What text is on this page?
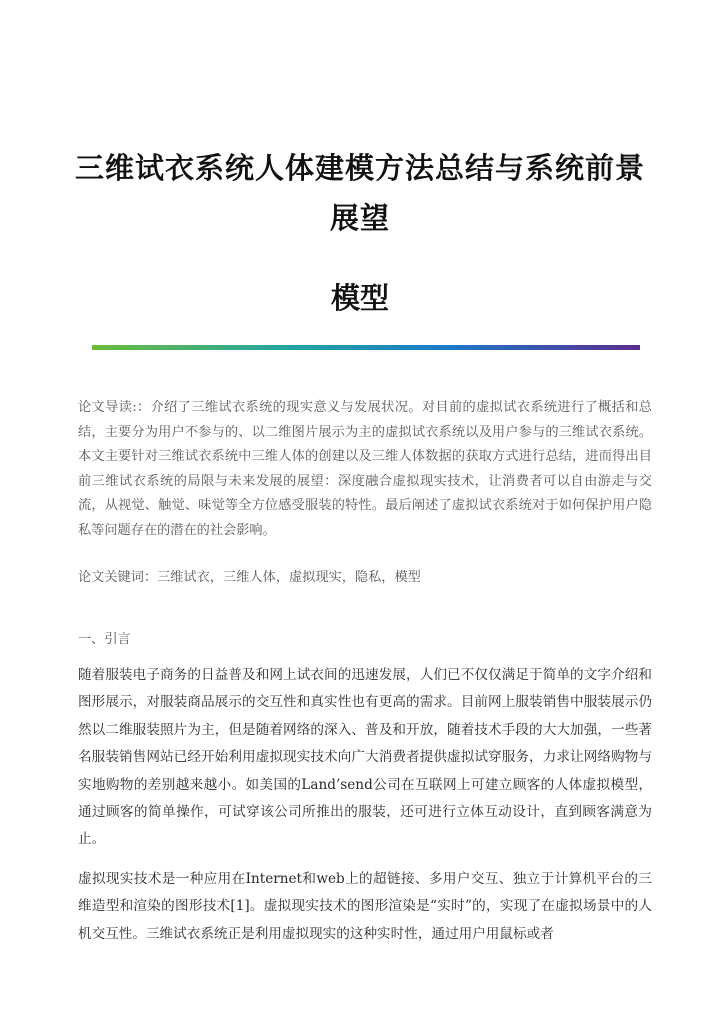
三维试衣系统人体建模方法总结与系统前景
展望
模型

论文导读:：介绍了三维试衣系统的现实意义与发展状况。对目前的虚拟试衣系统进行了概括和总结，主要分为用户不参与的、以二维图片展示为主的虚拟试衣系统以及用户参与的三维试衣系统。本文主要针对三维试衣系统中三维人体的创建以及三维人体数据的获取方式进行总结，进而得出目前三维试衣系统的局限与未来发展的展望：深度融合虚拟现实技术，让消费者可以自由游走与交流，从视觉、触觉、味觉等全方位感受服装的特性。最后阐述了虚拟试衣系统对于如何保护用户隐私等问题存在的潜在的社会影响。

论文关键词：三维试衣，三维人体，虚拟现实，隐私，模型
一、引言
随着服装电子商务的日益普及和网上试衣间的迅速发展，人们已不仅仅满足于简单的文字介绍和图形展示，对服装商品展示的交互性和真实性也有更高的需求。目前网上服装销售中服装展示仍然以二维服装照片为主，但是随着网络的深入、普及和开放，随着技术手段的大大加强，一些著名服装销售网站已经开始利用虚拟现实技术向广大消费者提供虚拟试穿服务，力求让网络购物与实地购物的差别越来越小。如美国的Land’send公司在互联网上可建立顾客的人体虚拟模型，通过顾客的简单操作，可试穿该公司所推出的服装，还可进行立体互动设计，直到顾客满意为止。
虚拟现实技术是一种应用在Internet和web上的超链接、多用户交互、独立于计算机平台的三维造型和渲染的图形技术[1]。虚拟现实技术的图形渲染是“实时”的，实现了在虚拟场景中的人机交互性。三维试衣系统正是利用虚拟现实的这种实时性，通过用户用鼠标或者
